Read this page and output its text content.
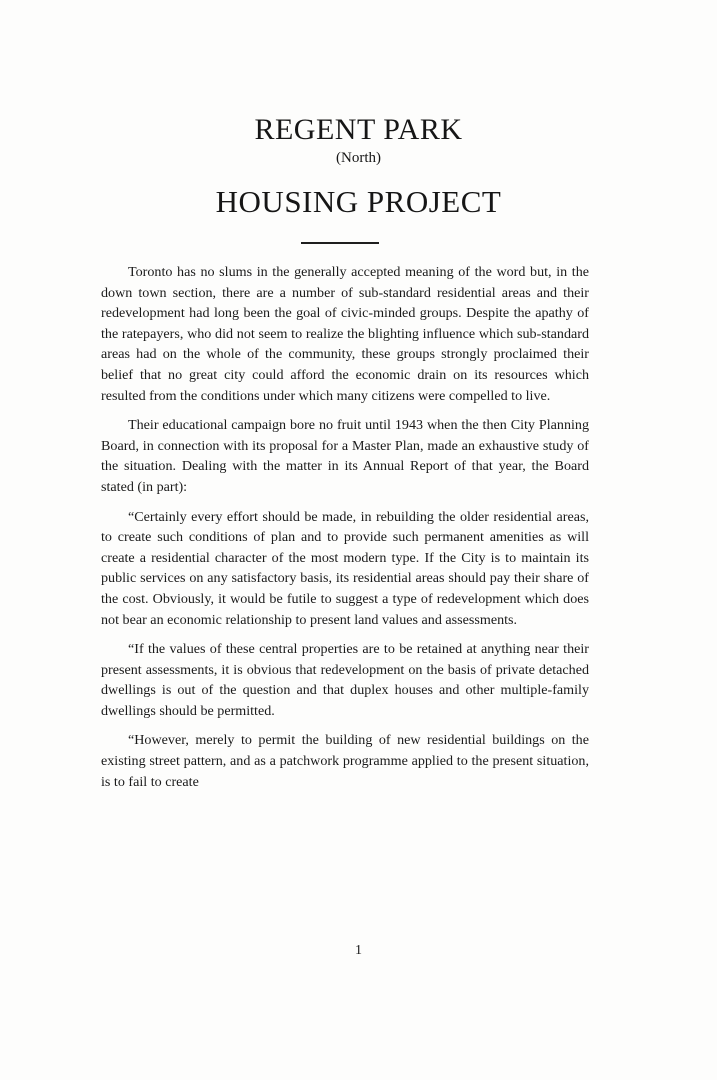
REGENT PARK
(North)
HOUSING PROJECT

Toronto has no slums in the generally accepted meaning of the word but, in the down town section, there are a number of sub-standard residential areas and their redevelopment had long been the goal of civic-minded groups. Despite the apathy of the ratepayers, who did not seem to realize the blighting influence which sub-standard areas had on the whole of the community, these groups strongly proclaimed their belief that no great city could afford the economic drain on its resources which resulted from the conditions under which many citizens were compelled to live.

Their educational campaign bore no fruit until 1943 when the then City Planning Board, in connection with its proposal for a Master Plan, made an exhaustive study of the situation. Dealing with the matter in its Annual Report of that year, the Board stated (in part):

“Certainly every effort should be made, in rebuilding the older residential areas, to create such conditions of plan and to provide such permanent amenities as will create a residential character of the most modern type. If the City is to maintain its public services on any satisfactory basis, its residential areas should pay their share of the cost. Obviously, it would be futile to suggest a type of redevelopment which does not bear an economic relationship to present land values and assessments.

“If the values of these central properties are to be retained at anything near their present assessments, it is obvious that redevelopment on the basis of private detached dwellings is out of the question and that duplex houses and other multiple-family dwellings should be permitted.

“However, merely to permit the building of new residential buildings on the existing street pattern, and as a patchwork programme applied to the present situation, is to fail to create

1
